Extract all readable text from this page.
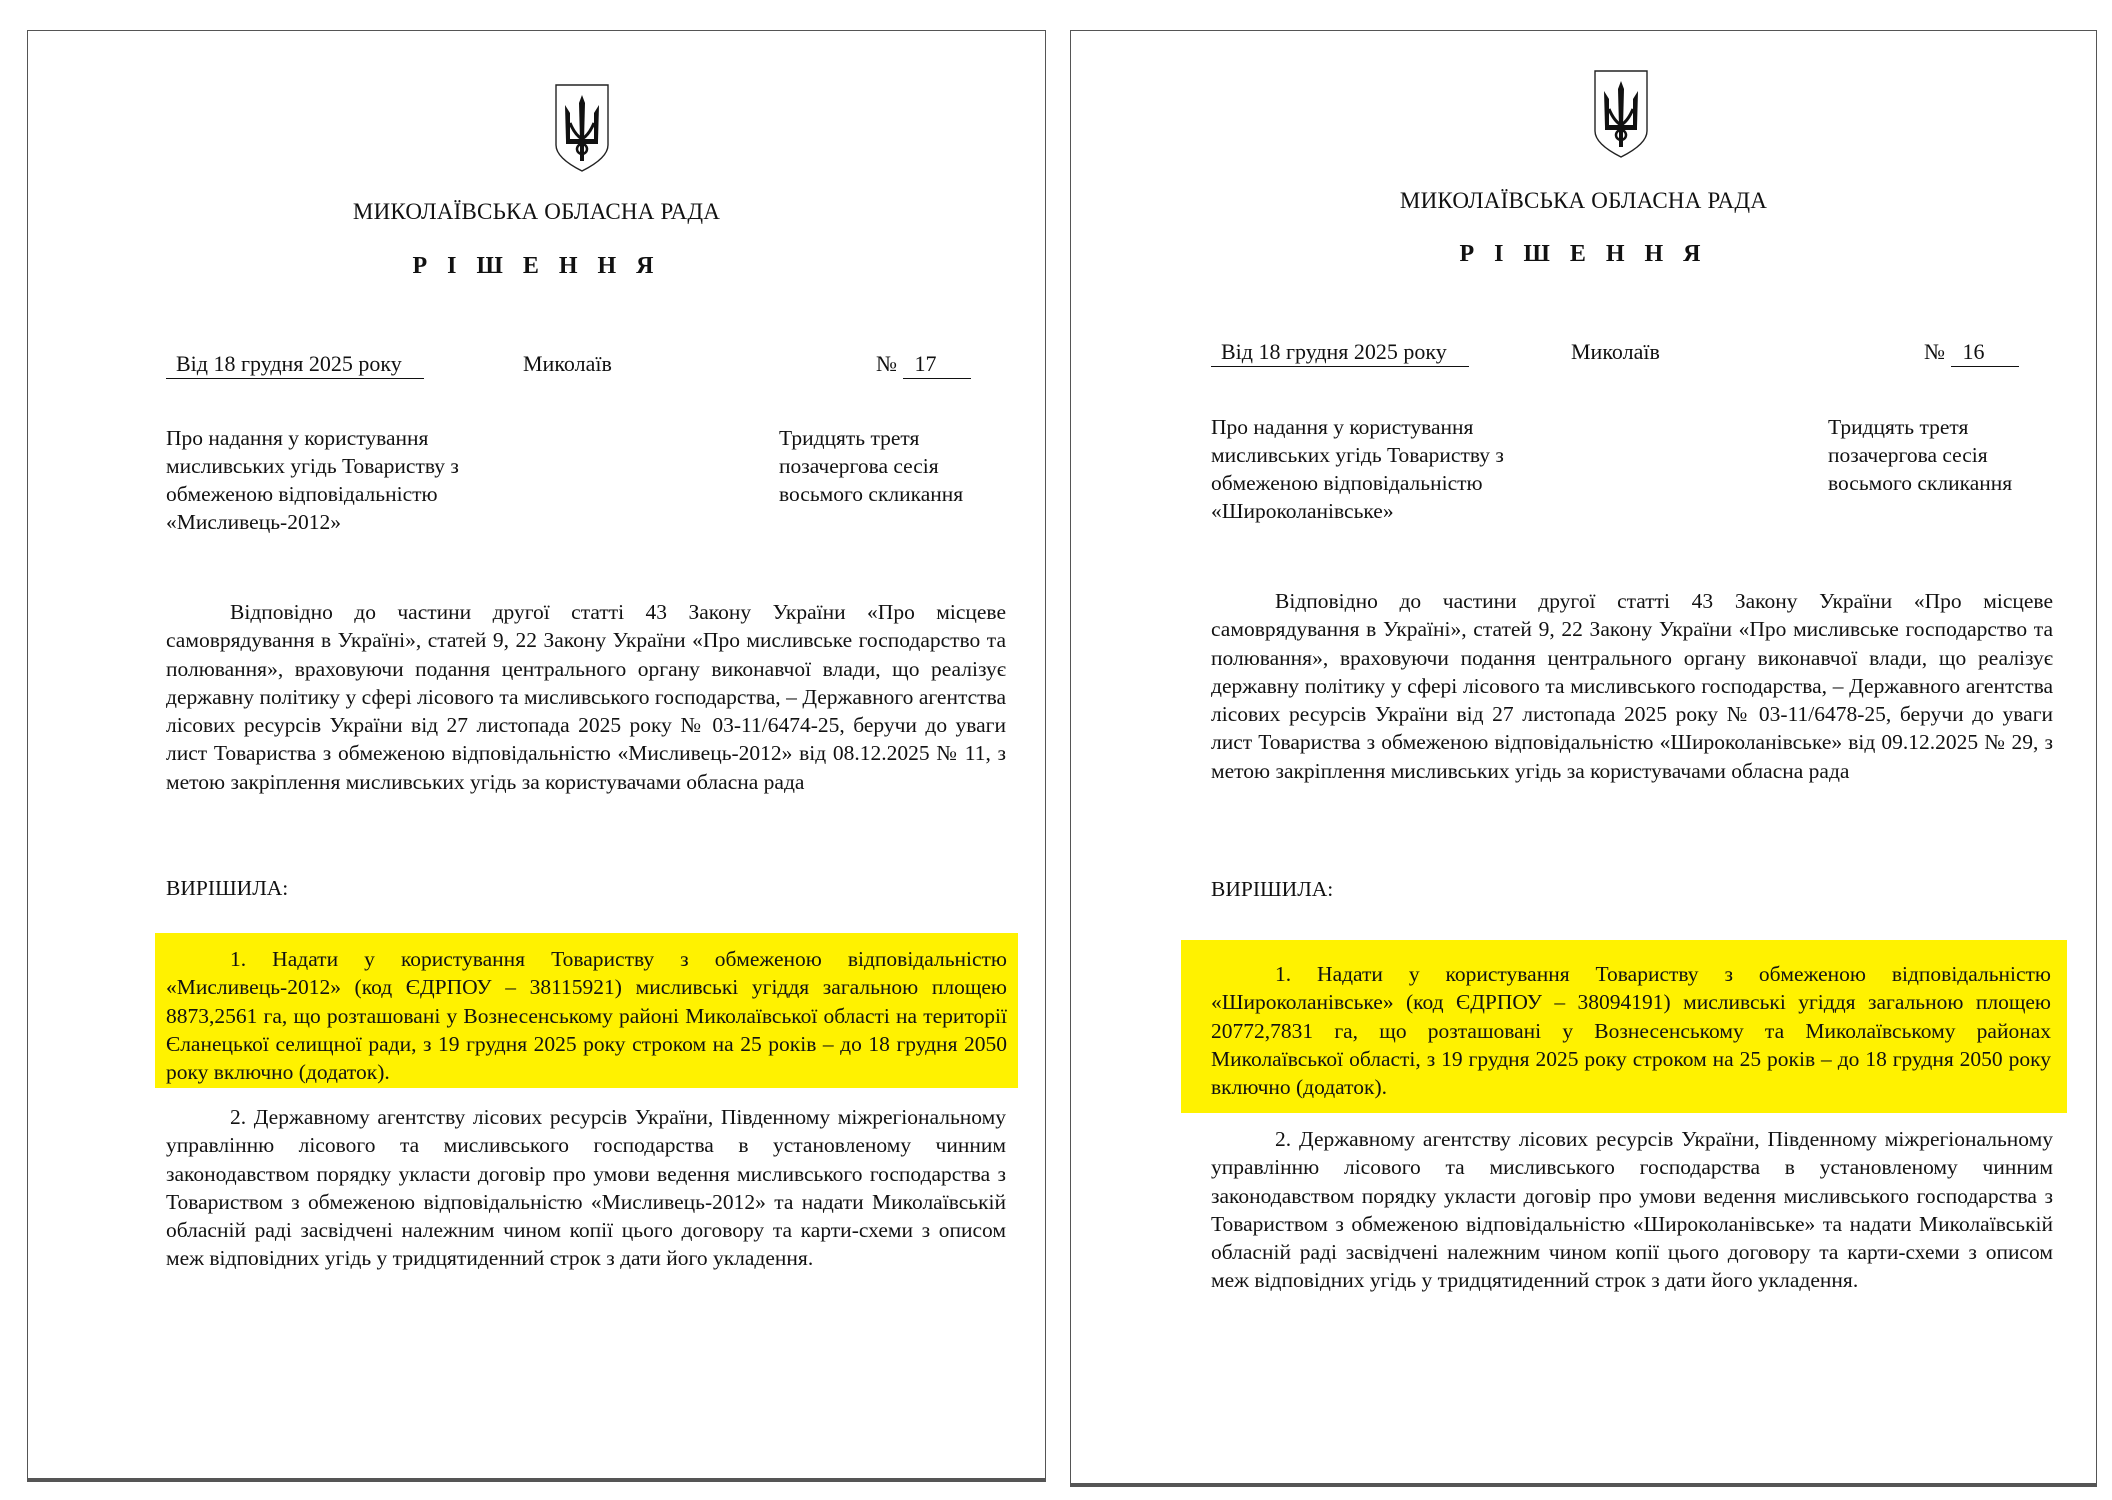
МИКОЛАЇВСЬКА ОБЛАСНА РАДА
Р І Ш Е Н Н Я
Від 18 грудня 2025 року	Миколаїв	№ 17
Про надання у користування
мисливських угідь Товариству з
обмеженою відповідальністю
«Мисливець-2012»
Тридцять третя
позачергова сесія
восьмого скликання
Відповідно до частини другої статті 43 Закону України «Про місцеве самоврядування в Україні», статей 9, 22 Закону України «Про мисливське господарство та полювання», враховуючи подання центрального органу виконавчої влади, що реалізує державну політику у сфері лісового та мисливського господарства, – Державного агентства лісових ресурсів України від 27 листопада 2025 року № 03-11/6474-25, беручи до уваги лист Товариства з обмеженою відповідальністю «Мисливець-2012» від 08.12.2025 № 11, з метою закріплення мисливських угідь за користувачами обласна рада
ВИРІШИЛА:
1. Надати у користування Товариству з обмеженою відповідальністю «Мисливець-2012» (код ЄДРПОУ – 38115921) мисливські угіддя загальною площею 8873,2561 га, що розташовані у Вознесенському районі Миколаївської області на території Єланецької селищної ради, з 19 грудня 2025 року строком на 25 років – до 18 грудня 2050 року включно (додаток).
2. Державному агентству лісових ресурсів України, Південному міжрегіональному управлінню лісового та мисливського господарства в установленому чинним законодавством порядку укласти договір про умови ведення мисливського господарства з Товариством з обмеженою відповідальністю «Мисливець-2012» та надати Миколаївській обласній раді засвідчені належним чином копії цього договору та карти-схеми з описом меж відповідних угідь у тридцятиденний строк з дати його укладення.
МИКОЛАЇВСЬКА ОБЛАСНА РАДА
Р І Ш Е Н Н Я
Від 18 грудня 2025 року	Миколаїв	№ 16
Про надання у користування
мисливських угідь Товариству з
обмеженою відповідальністю
«Широколанівське»
Тридцять третя
позачергова сесія
восьмого скликання
Відповідно до частини другої статті 43 Закону України «Про місцеве самоврядування в Україні», статей 9, 22 Закону України «Про мисливське господарство та полювання», враховуючи подання центрального органу виконавчої влади, що реалізує державну політику у сфері лісового та мисливського господарства, – Державного агентства лісових ресурсів України від 27 листопада 2025 року № 03-11/6478-25, беручи до уваги лист Товариства з обмеженою відповідальністю «Широколанівське» від 09.12.2025 № 29, з метою закріплення мисливських угідь за користувачами обласна рада
ВИРІШИЛА:
1. Надати у користування Товариству з обмеженою відповідальністю «Широколанівське» (код ЄДРПОУ – 38094191) мисливські угіддя загальною площею 20772,7831 га, що розташовані у Вознесенському та Миколаївському районах Миколаївської області, з 19 грудня 2025 року строком на 25 років – до 18 грудня 2050 року включно (додаток).
2. Державному агентству лісових ресурсів України, Південному міжрегіональному управлінню лісового та мисливського господарства в установленому чинним законодавством порядку укласти договір про умови ведення мисливського господарства з Товариством з обмеженою відповідальністю «Широколанівське» та надати Миколаївській обласній раді засвідчені належним чином копії цього договору та карти-схеми з описом меж відповідних угідь у тридцятиденний строк з дати його укладення.
